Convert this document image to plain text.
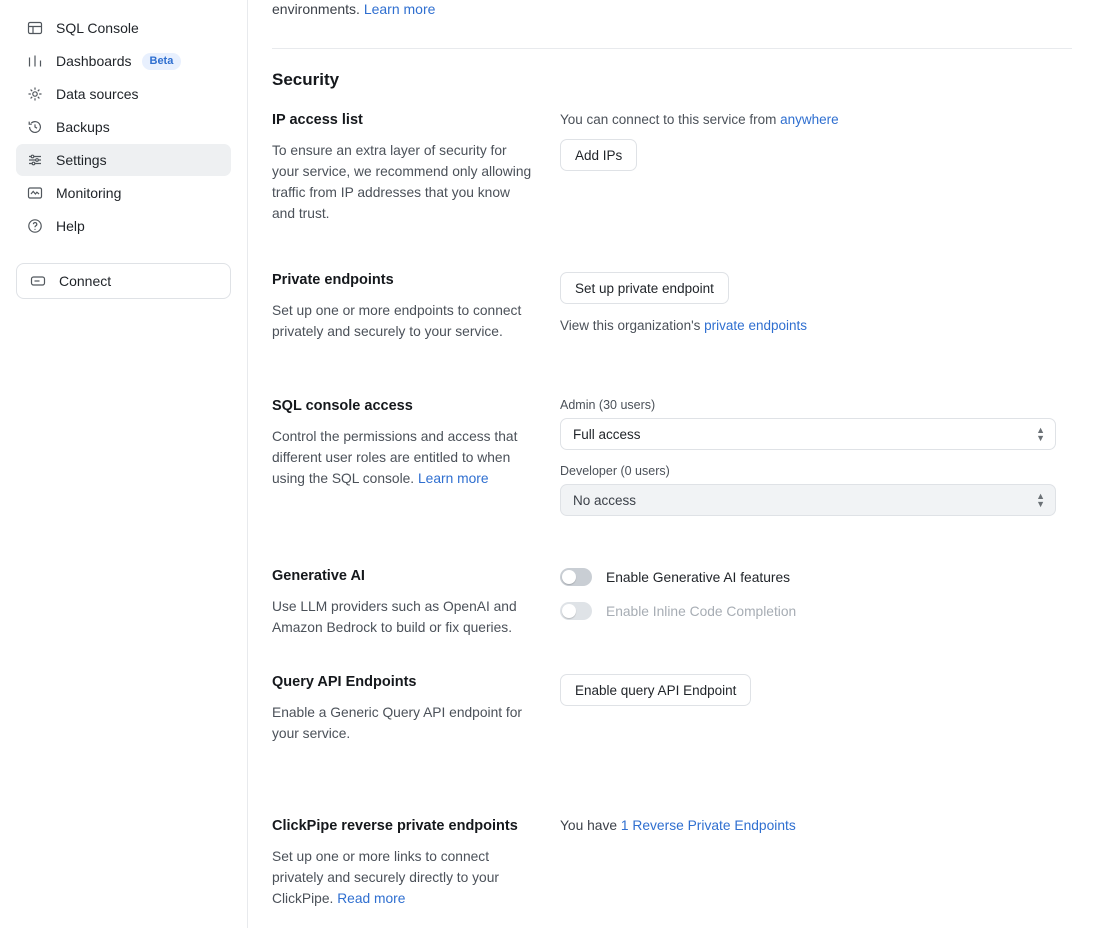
SQL Console
Dashboards	Beta
Data sources
Backups
Settings
Monitoring
Help
Connect
environments. Learn more
Security
IP access list

To ensure an extra layer of security for your service, we recommend only allowing traffic from IP addresses that you know and trust.

You can connect to this service from anywhere
Add IPs
Private endpoints

Set up one or more endpoints to connect privately and securely to your service.

Set up private endpoint
View this organization's private endpoints
SQL console access

Control the permissions and access that different user roles are entitled to when using the SQL console. Learn more

Admin (30 users)
Full access	▲
▼
Developer (0 users)
No access	▲
▼
Generative AI

Use LLM providers such as OpenAI and Amazon Bedrock to build or fix queries.

Enable Generative AI features
Enable Inline Code Completion
Query API Endpoints

Enable a Generic Query API endpoint for your service.

Enable query API Endpoint
ClickPipe reverse private endpoints

Set up one or more links to connect privately and securely directly to your ClickPipe. Read more

You have 1 Reverse Private Endpoints
